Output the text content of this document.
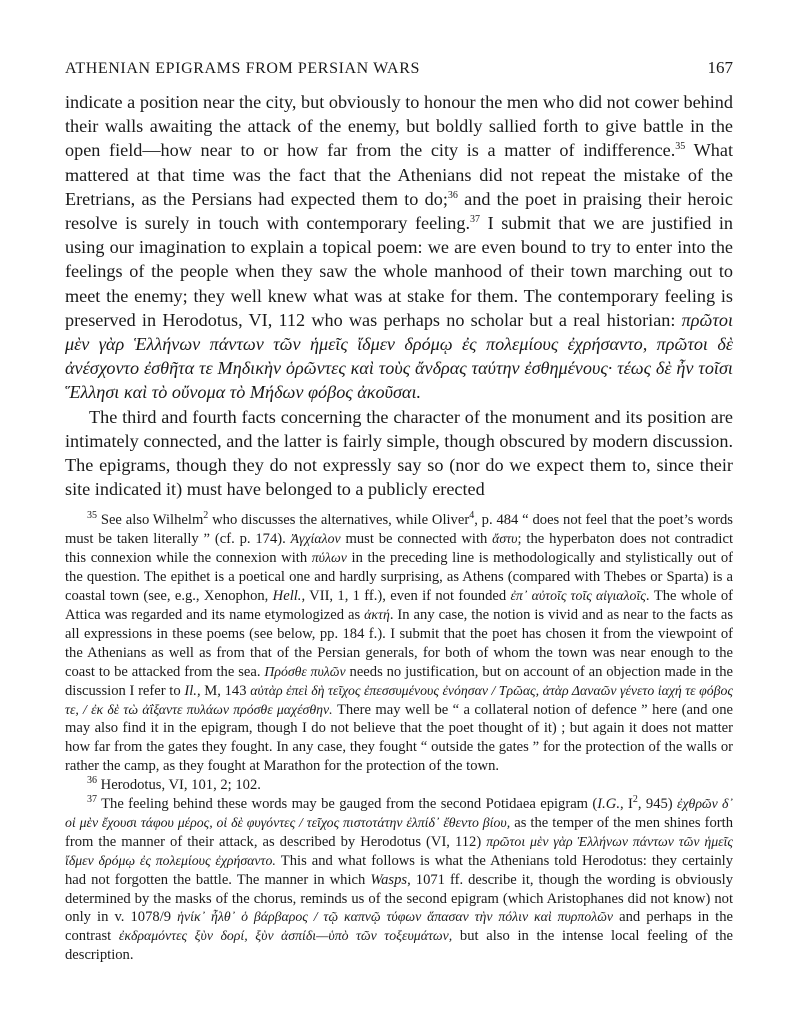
ATHENIAN EPIGRAMS FROM PERSIAN WARS	167

indicate a position near the city, but obviously to honour the men who did not cower behind their walls awaiting the attack of the enemy, but boldly sallied forth to give battle in the open field—how near to or how far from the city is a matter of indifference.$^{35}$ What mattered at that time was the fact that the Athenians did not repeat the mistake of the Eretrians, as the Persians had expected them to do;$^{36}$ and the poet in praising their heroic resolve is surely in touch with contemporary feeling.$^{37}$ I submit that we are justified in using our imagination to explain a topical poem: we are even bound to try to enter into the feelings of the people when they saw the whole manhood of their town marching out to meet the enemy; they well knew what was at stake for them. The contemporary feeling is preserved in Herodotus, VI, 112 who was perhaps no scholar but a real historian: πρῶτοι μὲν γὰρ Ἑλλήνων πάντων τῶν ἡμεῖς ἴδμεν δρόμῳ ἐς πολεμίους ἐχρήσαντο, πρῶτοι δὲ ἀνέσχοντο ἐσθῆτα τε Μηδικὴν ὁρῶντες καὶ τοὺς ἄνδρας ταύτην ἐσθημένους· τέως δὲ ἦν τοῖσι Ἕλλησι καὶ τὸ οὔνομα τὸ Μήδων φόβος ἀκοῦσαι.

The third and fourth facts concerning the character of the monument and its position are intimately connected, and the latter is fairly simple, though obscured by modern discussion. The epigrams, though they do not expressly say so (nor do we expect them to, since their site indicated it) must have belonged to a publicly erected

$^{35}$ See also Wilhelm$^2$ who discusses the alternatives, while Oliver$^4$, p. 484 “ does not feel that the poet’s words must be taken literally ” (cf. p. 174). Ἀγχίαλον must be connected with ἄστυ; the hyperbaton does not contradict this connexion while the connexion with πύλων in the preceding line is methodologically and stylistically out of the question. The epithet is a poetical one and hardly surprising, as Athens (compared with Thebes or Sparta) is a coastal town (see, e.g., Xenophon, Hell., VII, 1, 1 ff.), even if not founded ἐπ᾽ αὐτοῖς τοῖς αἰγιαλοῖς. The whole of Attica was regarded and its name etymologized as ἀκτή. In any case, the notion is vivid and as near to the facts as all expressions in these poems (see below, pp. 184 f.). I submit that the poet has chosen it from the viewpoint of the Athenians as well as from that of the Persian generals, for both of whom the town was near enough to the coast to be attacked from the sea. Πρόσθε πυλῶν needs no justification, but on account of an objection made in the discussion I refer to Il., M, 143 αὐτὰρ ἐπεὶ δὴ τεῖχος ἐπεσσυμένους ἐνόησαν / Τρῶας, ἀτὰρ Δαναῶν γένετο ἰαχή τε φόβος τε, / ἐκ δὲ τὼ ἀΐξαντε πυλάων πρόσθε μαχέσθην. There may well be “ a collateral notion of defence ” here (and one may also find it in the epigram, though I do not believe that the poet thought of it) ; but again it does not matter how far from the gates they fought. In any case, they fought “ outside the gates ” for the protection of the walls or rather the camp, as they fought at Marathon for the protection of the town.

$^{36}$ Herodotus, VI, 101, 2; 102.

$^{37}$ The feeling behind these words may be gauged from the second Potidaea epigram (I.G., $I^2$, 945) ἐχθρῶν δ᾽ οἱ μὲν ἔχουσι τάφου μέρος, οἱ δὲ φυγόντες / τεῖχος πιστοτάτην ἐλπίδ᾽ ἔθεντο βίου, as the temper of the men shines forth from the manner of their attack, as described by Herodotus (VI, 112) πρῶτοι μὲν γὰρ Ἑλλήνων πάντων τῶν ἡμεῖς ἴδμεν δρόμῳ ἐς πολεμίους ἐχρήσαντο. This and what follows is what the Athenians told Herodotus: they certainly had not forgotten the battle. The manner in which Wasps, 1071 ff. describe it, though the wording is obviously determined by the masks of the chorus, reminds us of the second epigram (which Aristophanes did not know) not only in v. 1078/9 ἡνίκ᾽ ἦλθ᾽ ὁ βάρβαρος / τῷ καπνῷ τύφων ἅπασαν τὴν πόλιν καὶ πυρπολῶν and perhaps in the contrast ἐκδραμόντες ξὺν δορί, ξὺν ἀσπίδι—ὑπὸ τῶν τοξευμάτων, but also in the intense local feeling of the description.
